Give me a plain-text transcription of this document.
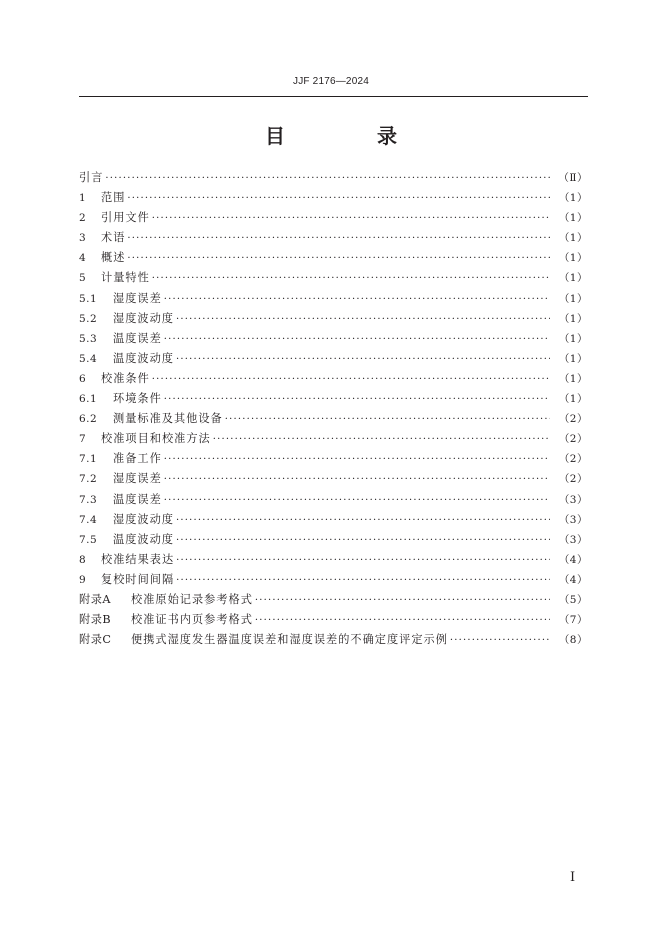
JJF 2176—2024
目　录
引言 ·····	（Ⅱ）
1	范围 ·····	（1）
2	引用文件 ·····	（1）
3	术语 ·····	（1）
4	概述 ·····	（1）
5	计量特性 ·····	（1）
5.1	湿度误差 ·····	（1）
5.2	湿度波动度 ·····	（1）
5.3	温度误差 ·····	（1）
5.4	温度波动度 ·····	（1）
6	校准条件 ·····	（1）
6.1	环境条件 ·····	（1）
6.2	测量标准及其他设备 ·····	（2）
7	校准项目和校准方法 ·····	（2）
7.1	准备工作 ·····	（2）
7.2	湿度误差 ·····	（2）
7.3	温度误差 ·····	（3）
7.4	湿度波动度 ·····	（3）
7.5	温度波动度 ·····	（3）
8	校准结果表达 ·····	（4）
9	复校时间间隔 ·····	（4）
附录A	校准原始记录参考格式 ·····	（5）
附录B	校准证书内页参考格式 ·····	（7）
附录C	便携式湿度发生器温度误差和湿度误差的不确定度评定示例 ·····	（8）
Ⅰ
